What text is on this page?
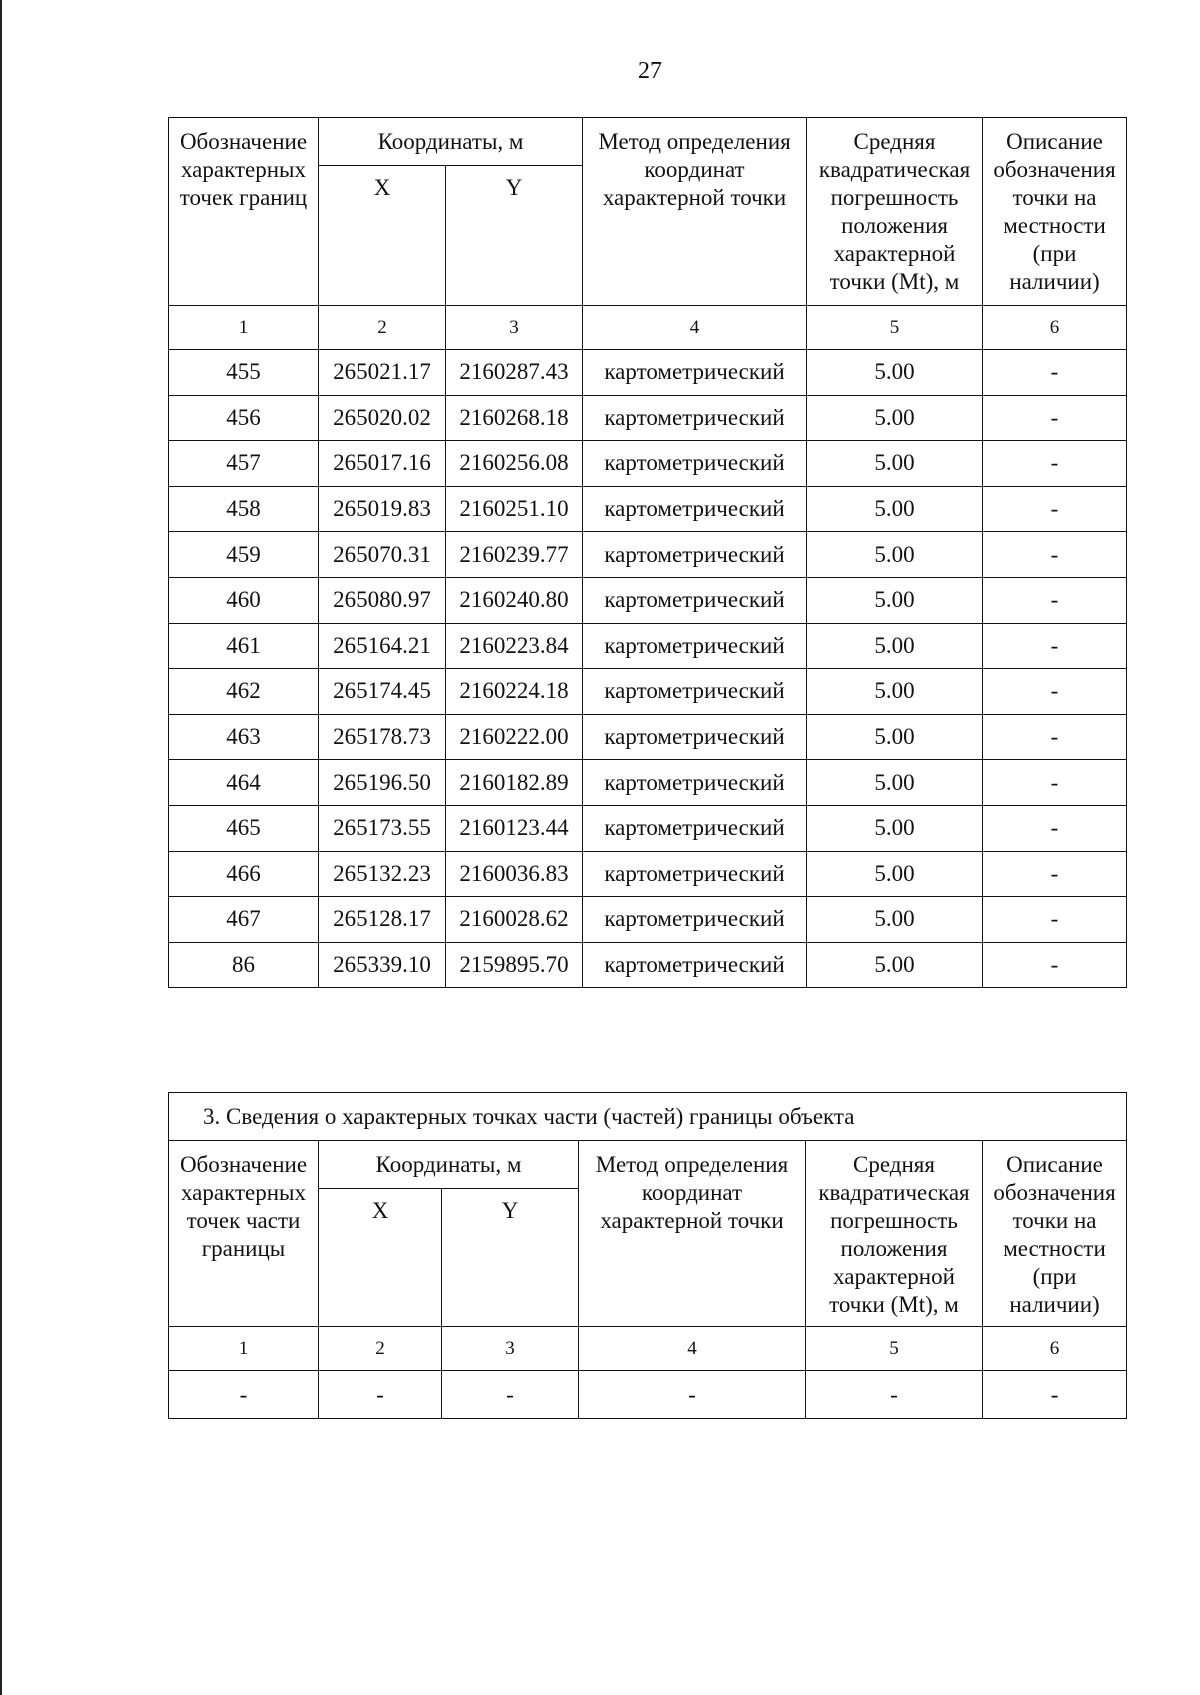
27
Обозначение характерных точек границ	Координаты, м		Метод определения координат характерной точки	Средняя квадратическая погрешность положения характерной точки (Mt), м	Описание обозначения точки на местности (при наличии)
	X	Y			
1	2	3	4	5	6
455	265021.17	2160287.43	картометрический	5.00	-
456	265020.02	2160268.18	картометрический	5.00	-
457	265017.16	2160256.08	картометрический	5.00	-
458	265019.83	2160251.10	картометрический	5.00	-
459	265070.31	2160239.77	картометрический	5.00	-
460	265080.97	2160240.80	картометрический	5.00	-
461	265164.21	2160223.84	картометрический	5.00	-
462	265174.45	2160224.18	картометрический	5.00	-
463	265178.73	2160222.00	картометрический	5.00	-
464	265196.50	2160182.89	картометрический	5.00	-
465	265173.55	2160123.44	картометрический	5.00	-
466	265132.23	2160036.83	картометрический	5.00	-
467	265128.17	2160028.62	картометрический	5.00	-
86	265339.10	2159895.70	картометрический	5.00	-
3. Сведения о характерных точках части (частей) границы объекта					
Обозначение характерных точек части границы	Координаты, м		Метод определения координат характерной точки	Средняя квадратическая погрешность положения характерной точки (Mt), м	Описание обозначения точки на местности (при наличии)
	X	Y			
1	2	3	4	5	6
-	-	-	-	-	-
